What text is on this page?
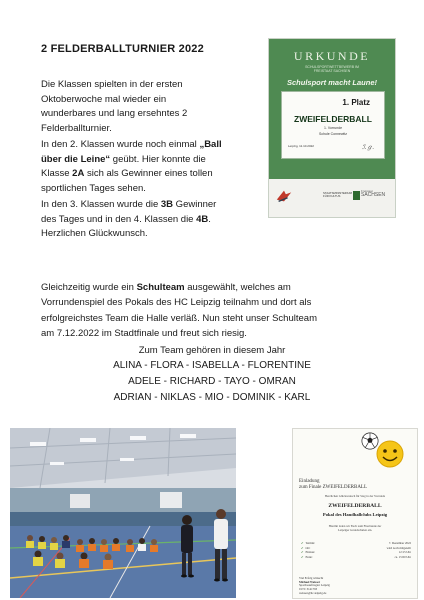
2 FELDERBALLTURNIER 2022
Die Klassen spielten in der ersten
Oktoberwoche mal wieder ein
wunderbares und lang ersehntes 2
Felderballturnier.
In den 2. Klassen wurde noch einmal „Ball
über die Leine“ geübt. Hier konnte die
Klasse 2A sich als Gewinner eines tollen
sportlichen Tages sehen.
In den 3. Klassen wurde die 3B Gewinner
des Tages und in den 4. Klassen die 4B.
Herzlichen Glückwunsch.
URKUNDE
SCHULSPORTWETTBEWERB IM
FREISTAAT SACHSEN
Schulsport macht Laune!
1. Platz
ZWEIFELDERBALL
1. Vorrunde
Schule Connewitz
Leipzig, 11.10.2022	ℐ.ℊ.
STAATSMINISTERIUM
FÜR KULTUS
Freistaat
SACHSEN
Gleichzeitig wurde ein Schulteam ausgewählt, welches am
Vorrundenspiel des Pokals des HC Leipzig teilnahm und dort als
erfolgreichstes Team die Halle verläß. Nun steht unser Schulteam
am 7.12.2022 im Stadtfinale und freut sich riesig.
Zum Team gehören in diesem Jahr
ALINA - FLORA - ISABELLA - FLORENTINE
ADELE - RICHARD - TAYO - OMRAN
ADRIAN - NIKLAS - MIO - DOMINIK - KARL
Einladung
zum Finale ZWEIFELDERBALL
Herzlichen Glückwunsch für Sieg in der Vorrunde
ZWEIFELDERBALL
Pokal des Handballclubs Leipzig
Hiermit laden wir Euch zum Finalrunde der
Leipziger Grundschulen ein.
✔ Termin:	7. Dezember 2022
✔ Ort:	wird noch mitgeteilt
✔ Einlass:	12:15 Uhr
✔ Ende:	ca. 15:00 Uhr
Viel Erfolg wünscht
Michael Weisser
Sportbeauftragter Leipzig
0172/ 3141793
weisser@hc-leipzig.de
